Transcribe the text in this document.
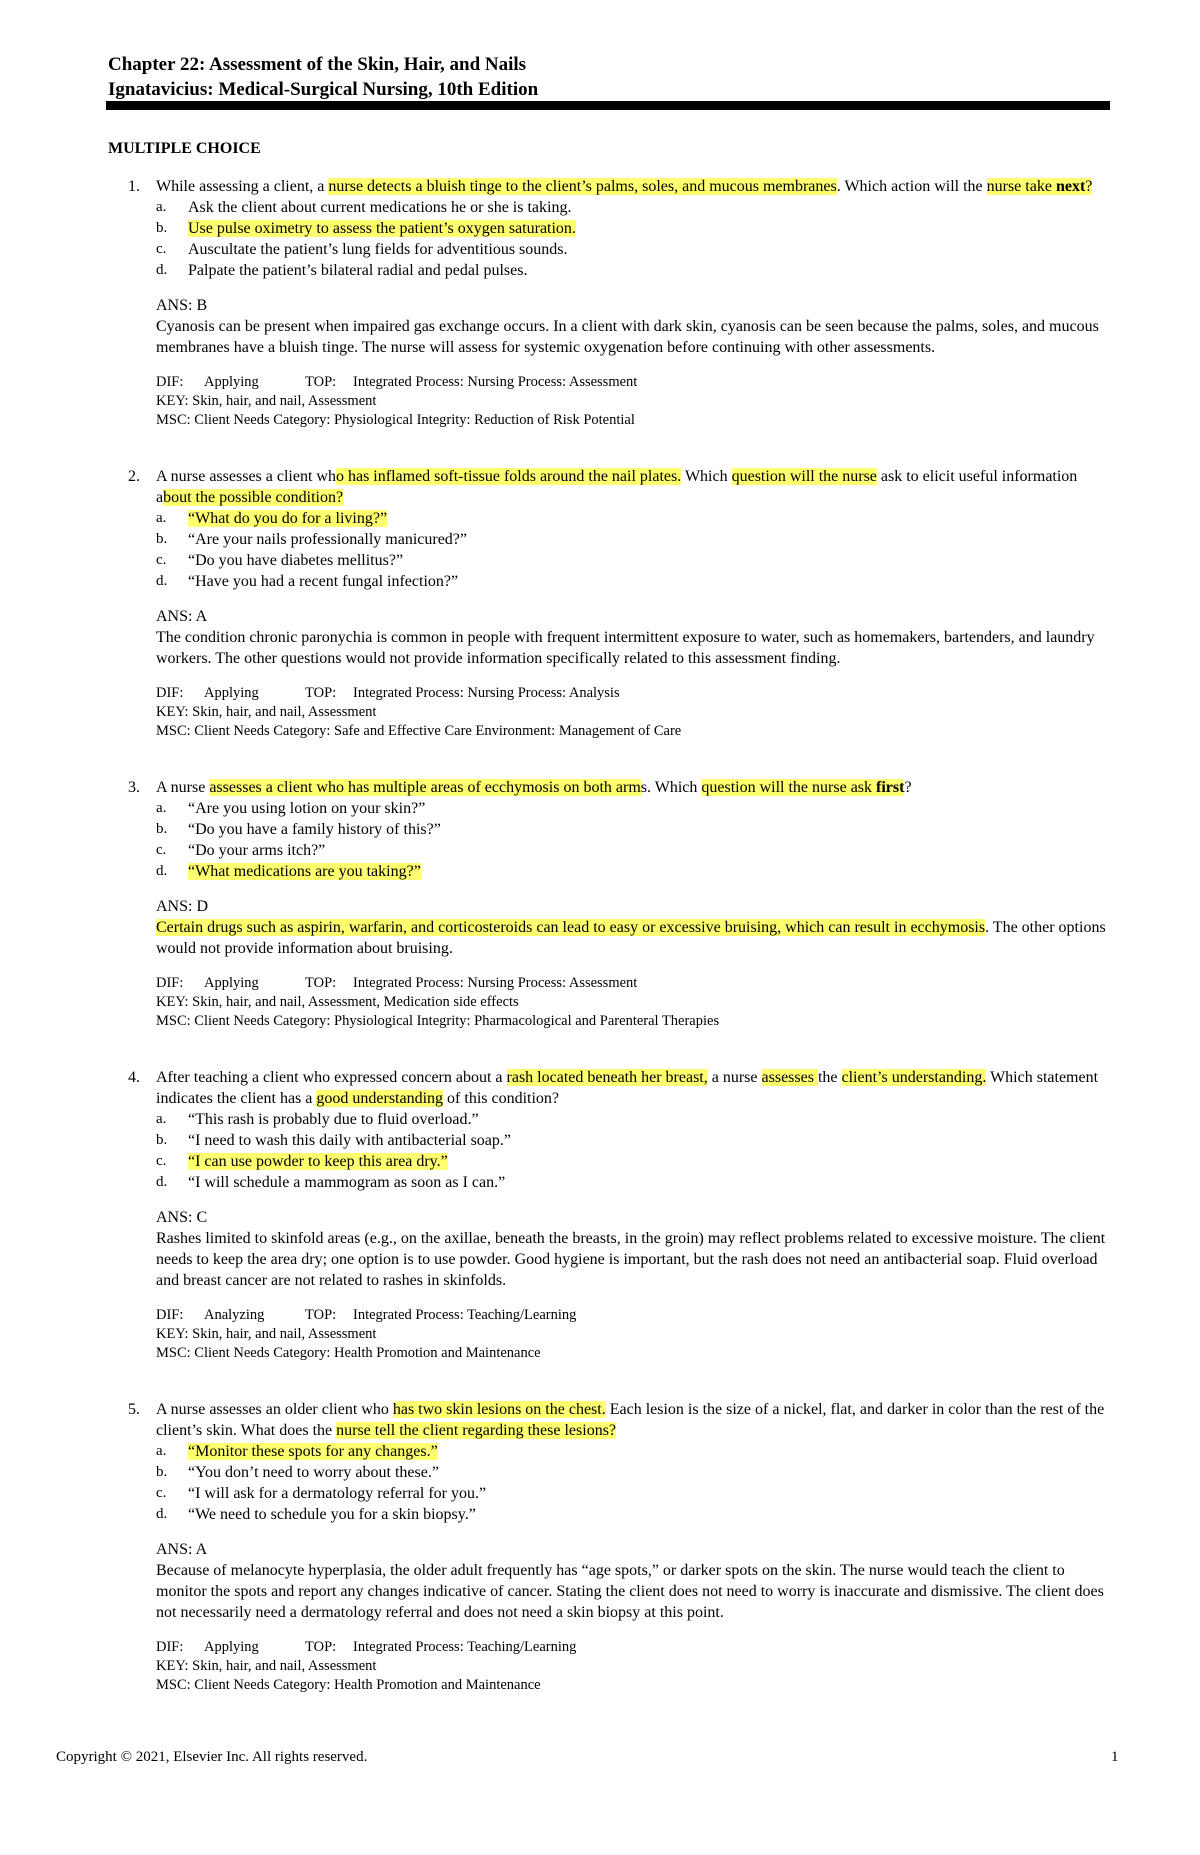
Chapter 22: Assessment of the Skin, Hair, and Nails
Ignatavicius: Medical-Surgical Nursing, 10th Edition
MULTIPLE CHOICE
1. While assessing a client, a nurse detects a bluish tinge to the client’s palms, soles, and mucous membranes. Which action will the nurse take next?

a. Ask the client about current medications he or she is taking.

b. Use pulse oximetry to assess the patient’s oxygen saturation.

c. Auscultate the patient’s lung fields for adventitious sounds.

d. Palpate the patient’s bilateral radial and pedal pulses.

ANS: B

Cyanosis can be present when impaired gas exchange occurs. In a client with dark skin, cyanosis can be seen because the palms, soles, and mucous membranes have a bluish tinge. The nurse will assess for systemic oxygenation before continuing with other assessments.

DIF: Applying	TOP: Integrated Process: Nursing Process: Assessment
KEY: Skin, hair, and nail, Assessment
MSC: Client Needs Category: Physiological Integrity: Reduction of Risk Potential
2. A nurse assesses a client who has inflamed soft-tissue folds around the nail plates. Which question will the nurse ask to elicit useful information about the possible condition?

a. “What do you do for a living?”

b. “Are your nails professionally manicured?”

c. “Do you have diabetes mellitus?”

d. “Have you had a recent fungal infection?”

ANS: A

The condition chronic paronychia is common in people with frequent intermittent exposure to water, such as homemakers, bartenders, and laundry workers. The other questions would not provide information specifically related to this assessment finding.

DIF: Applying	TOP: Integrated Process: Nursing Process: Analysis
KEY: Skin, hair, and nail, Assessment
MSC: Client Needs Category: Safe and Effective Care Environment: Management of Care
3. A nurse assesses a client who has multiple areas of ecchymosis on both arms. Which question will the nurse ask first?

a. “Are you using lotion on your skin?”

b. “Do you have a family history of this?”

c. “Do your arms itch?”

d. “What medications are you taking?”

ANS: D

Certain drugs such as aspirin, warfarin, and corticosteroids can lead to easy or excessive bruising, which can result in ecchymosis. The other options would not provide information about bruising.

DIF: Applying	TOP: Integrated Process: Nursing Process: Assessment
KEY: Skin, hair, and nail, Assessment, Medication side effects
MSC: Client Needs Category: Physiological Integrity: Pharmacological and Parenteral Therapies
4. After teaching a client who expressed concern about a rash located beneath her breast, a nurse assesses the client’s understanding. Which statement indicates the client has a good understanding of this condition?

a. “This rash is probably due to fluid overload.”

b. “I need to wash this daily with antibacterial soap.”

c. “I can use powder to keep this area dry.”

d. “I will schedule a mammogram as soon as I can.”

ANS: C

Rashes limited to skinfold areas (e.g., on the axillae, beneath the breasts, in the groin) may reflect problems related to excessive moisture. The client needs to keep the area dry; one option is to use powder. Good hygiene is important, but the rash does not need an antibacterial soap. Fluid overload and breast cancer are not related to rashes in skinfolds.

DIF: Analyzing	TOP: Integrated Process: Teaching/Learning
KEY: Skin, hair, and nail, Assessment
MSC: Client Needs Category: Health Promotion and Maintenance
5. A nurse assesses an older client who has two skin lesions on the chest. Each lesion is the size of a nickel, flat, and darker in color than the rest of the client’s skin. What does the nurse tell the client regarding these lesions?

a. “Monitor these spots for any changes.”

b. “You don’t need to worry about these.”

c. “I will ask for a dermatology referral for you.”

d. “We need to schedule you for a skin biopsy.”

ANS: A

Because of melanocyte hyperplasia, the older adult frequently has “age spots,” or darker spots on the skin. The nurse would teach the client to monitor the spots and report any changes indicative of cancer. Stating the client does not need to worry is inaccurate and dismissive. The client does not necessarily need a dermatology referral and does not need a skin biopsy at this point.

DIF: Applying	TOP: Integrated Process: Teaching/Learning
KEY: Skin, hair, and nail, Assessment
MSC: Client Needs Category: Health Promotion and Maintenance
Copyright © 2021, Elsevier Inc. All rights reserved.	1
